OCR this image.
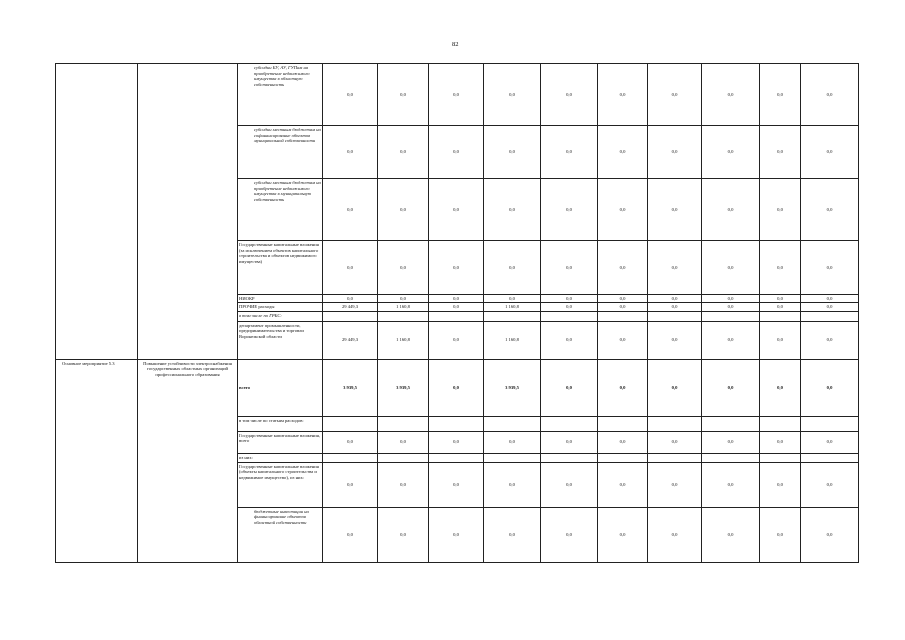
82
		субсидии БУ, АУ, ГУПам на приобретение недвижимого имущества в областную собственность	0,0	0,0	0,0	0,0	0,0	0,0	0,0	0,0	0,0	0,0
		субсидии местным бюджетам на софинансирование объектов муниципальной собственности	0,0	0,0	0,0	0,0	0,0	0,0	0,0	0,0	0,0	0,0
		субсидии местным бюджетам на приобретение недвижимого имущества в муниципальную собственность	0,0	0,0	0,0	0,0	0,0	0,0	0,0	0,0	0,0	0,0
		Государственные капитальные вложения (за исключением объектов капитального строительства и объектов недвижимого имущества)	0,0	0,0	0,0	0,0	0,0	0,0	0,0	0,0	0,0	0,0
		НИОКР	0,0	0,0	0,0	0,0	0,0	0,0	0,0	0,0	0,0	0,0
		ПРОЧИЕ расходы	29 449,3	1 160,8	0,0	1 160,8	0,0	0,0	0,0	0,0	0,0	0,0
		в том числе по ГРБС:										
		департамент промышленности, предпринимательства и торговли Воронежской области	29 449,3	1 160,8	0,0	1 160,8	0,0	0,0	0,0	0,0	0,0	0,0
Основное мероприятие 5.3	Повышение устойчивости электроснабжения государственных областных организаций профессионального образования	всего	3 939,5	3 939,5	0,0	3 939,5	0,0	0,0	0,0	0,0	0,0	0,0
		в том числе по статьям расходов:										
		Государственные капитальные вложения, всего	0,0	0,0	0,0	0,0	0,0	0,0	0,0	0,0	0,0	0,0
		из них:										
		Государственные капитальные вложения (объекты капитального строительства и недвижимое имущество), из них:	0,0	0,0	0,0	0,0	0,0	0,0	0,0	0,0	0,0	0,0
		бюджетные инвестиции на финансирование объектов областной собственности	0,0	0,0	0,0	0,0	0,0	0,0	0,0	0,0	0,0	0,0
